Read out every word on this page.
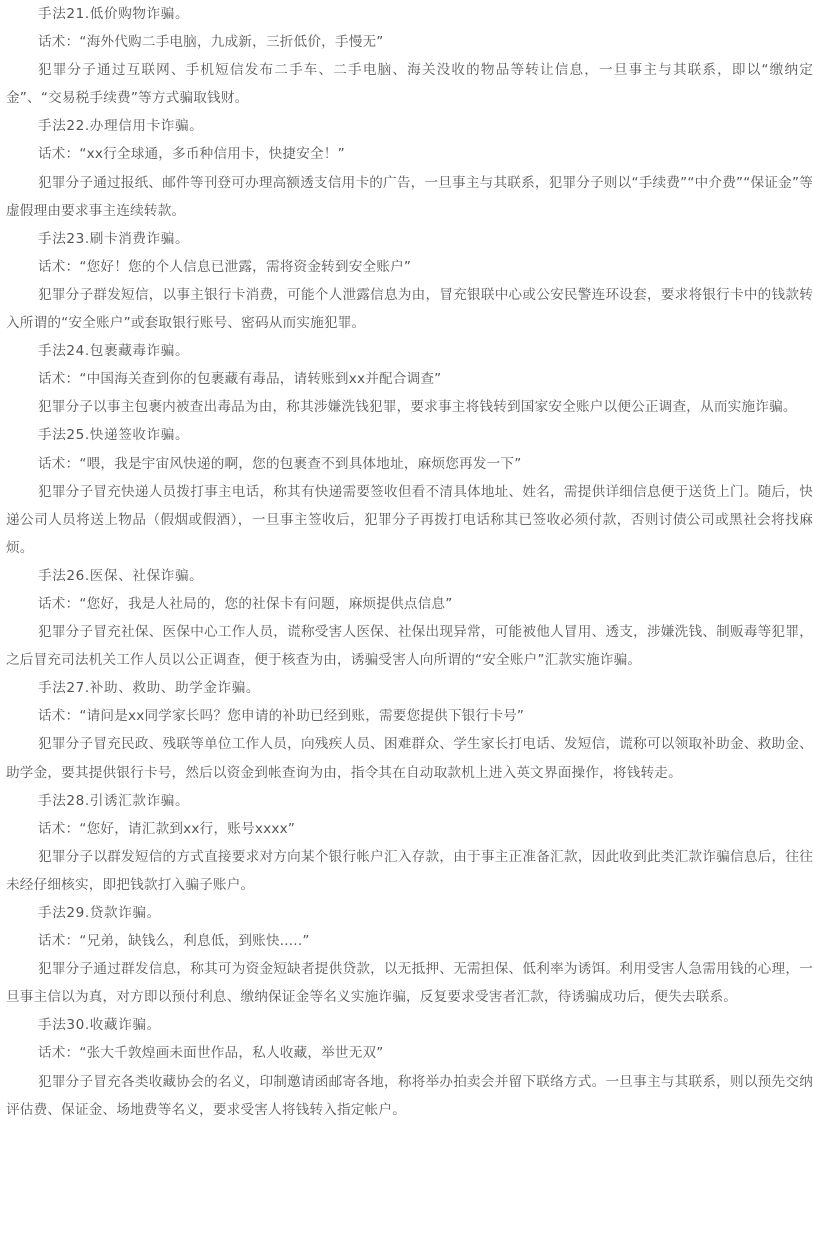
手法21.低价购物诈骗。

话术：“海外代购二手电脑，九成新，三折低价，手慢无”

犯罪分子通过互联网、手机短信发布二手车、二手电脑、海关没收的物品等转让信息，一旦事主与其联系，即以“缴纳定金”、“交易税手续费”等方式骗取钱财。

手法22.办理信用卡诈骗。

话术：“xx行全球通，多币种信用卡，快捷安全！”

犯罪分子通过报纸、邮件等刊登可办理高额透支信用卡的广告，一旦事主与其联系，犯罪分子则以“手续费”“中介费”“保证金”等虚假理由要求事主连续转款。

手法23.刷卡消费诈骗。

话术：“您好！您的个人信息已泄露，需将资金转到安全账户”

犯罪分子群发短信，以事主银行卡消费，可能个人泄露信息为由，冒充银联中心或公安民警连环设套，要求将银行卡中的钱款转入所谓的“安全账户”或套取银行账号、密码从而实施犯罪。

手法24.包裹藏毒诈骗。

话术：“中国海关查到你的包裹藏有毒品，请转账到xx并配合调查”

犯罪分子以事主包裹内被查出毒品为由，称其涉嫌洗钱犯罪，要求事主将钱转到国家安全账户以便公正调查，从而实施诈骗。

手法25.快递签收诈骗。

话术：“喂，我是宇宙风快递的啊，您的包裹查不到具体地址，麻烦您再发一下”

犯罪分子冒充快递人员拨打事主电话，称其有快递需要签收但看不清具体地址、姓名，需提供详细信息便于送货上门。随后，快递公司人员将送上物品（假烟或假酒），一旦事主签收后，犯罪分子再拨打电话称其已签收必须付款，否则讨债公司或黑社会将找麻烦。

手法26.医保、社保诈骗。

话术：“您好，我是人社局的，您的社保卡有问题，麻烦提供点信息”

犯罪分子冒充社保、医保中心工作人员，谎称受害人医保、社保出现异常，可能被他人冒用、透支，涉嫌洗钱、制贩毒等犯罪，之后冒充司法机关工作人员以公正调查，便于核查为由，诱骗受害人向所谓的“安全账户”汇款实施诈骗。

手法27.补助、救助、助学金诈骗。

话术：“请问是xx同学家长吗？您申请的补助已经到账，需要您提供下银行卡号”

犯罪分子冒充民政、残联等单位工作人员，向残疾人员、困难群众、学生家长打电话、发短信，谎称可以领取补助金、救助金、助学金，要其提供银行卡号，然后以资金到帐查询为由，指令其在自动取款机上进入英文界面操作，将钱转走。

手法28.引诱汇款诈骗。

话术：“您好，请汇款到xx行，账号xxxx”

犯罪分子以群发短信的方式直接要求对方向某个银行帐户汇入存款，由于事主正准备汇款，因此收到此类汇款诈骗信息后，往往未经仔细核实，即把钱款打入骗子账户。

手法29.贷款诈骗。

话术：“兄弟，缺钱么，利息低，到账快.....”

犯罪分子通过群发信息，称其可为资金短缺者提供贷款，以无抵押、无需担保、低利率为诱饵。利用受害人急需用钱的心理，一旦事主信以为真，对方即以预付利息、缴纳保证金等名义实施诈骗，反复要求受害者汇款，待诱骗成功后，便失去联系。

手法30.收藏诈骗。

话术：“张大千敦煌画未面世作品，私人收藏，举世无双”

犯罪分子冒充各类收藏协会的名义，印制邀请函邮寄各地，称将举办拍卖会并留下联络方式。一旦事主与其联系，则以预先交纳评估费、保证金、场地费等名义，要求受害人将钱转入指定帐户。
